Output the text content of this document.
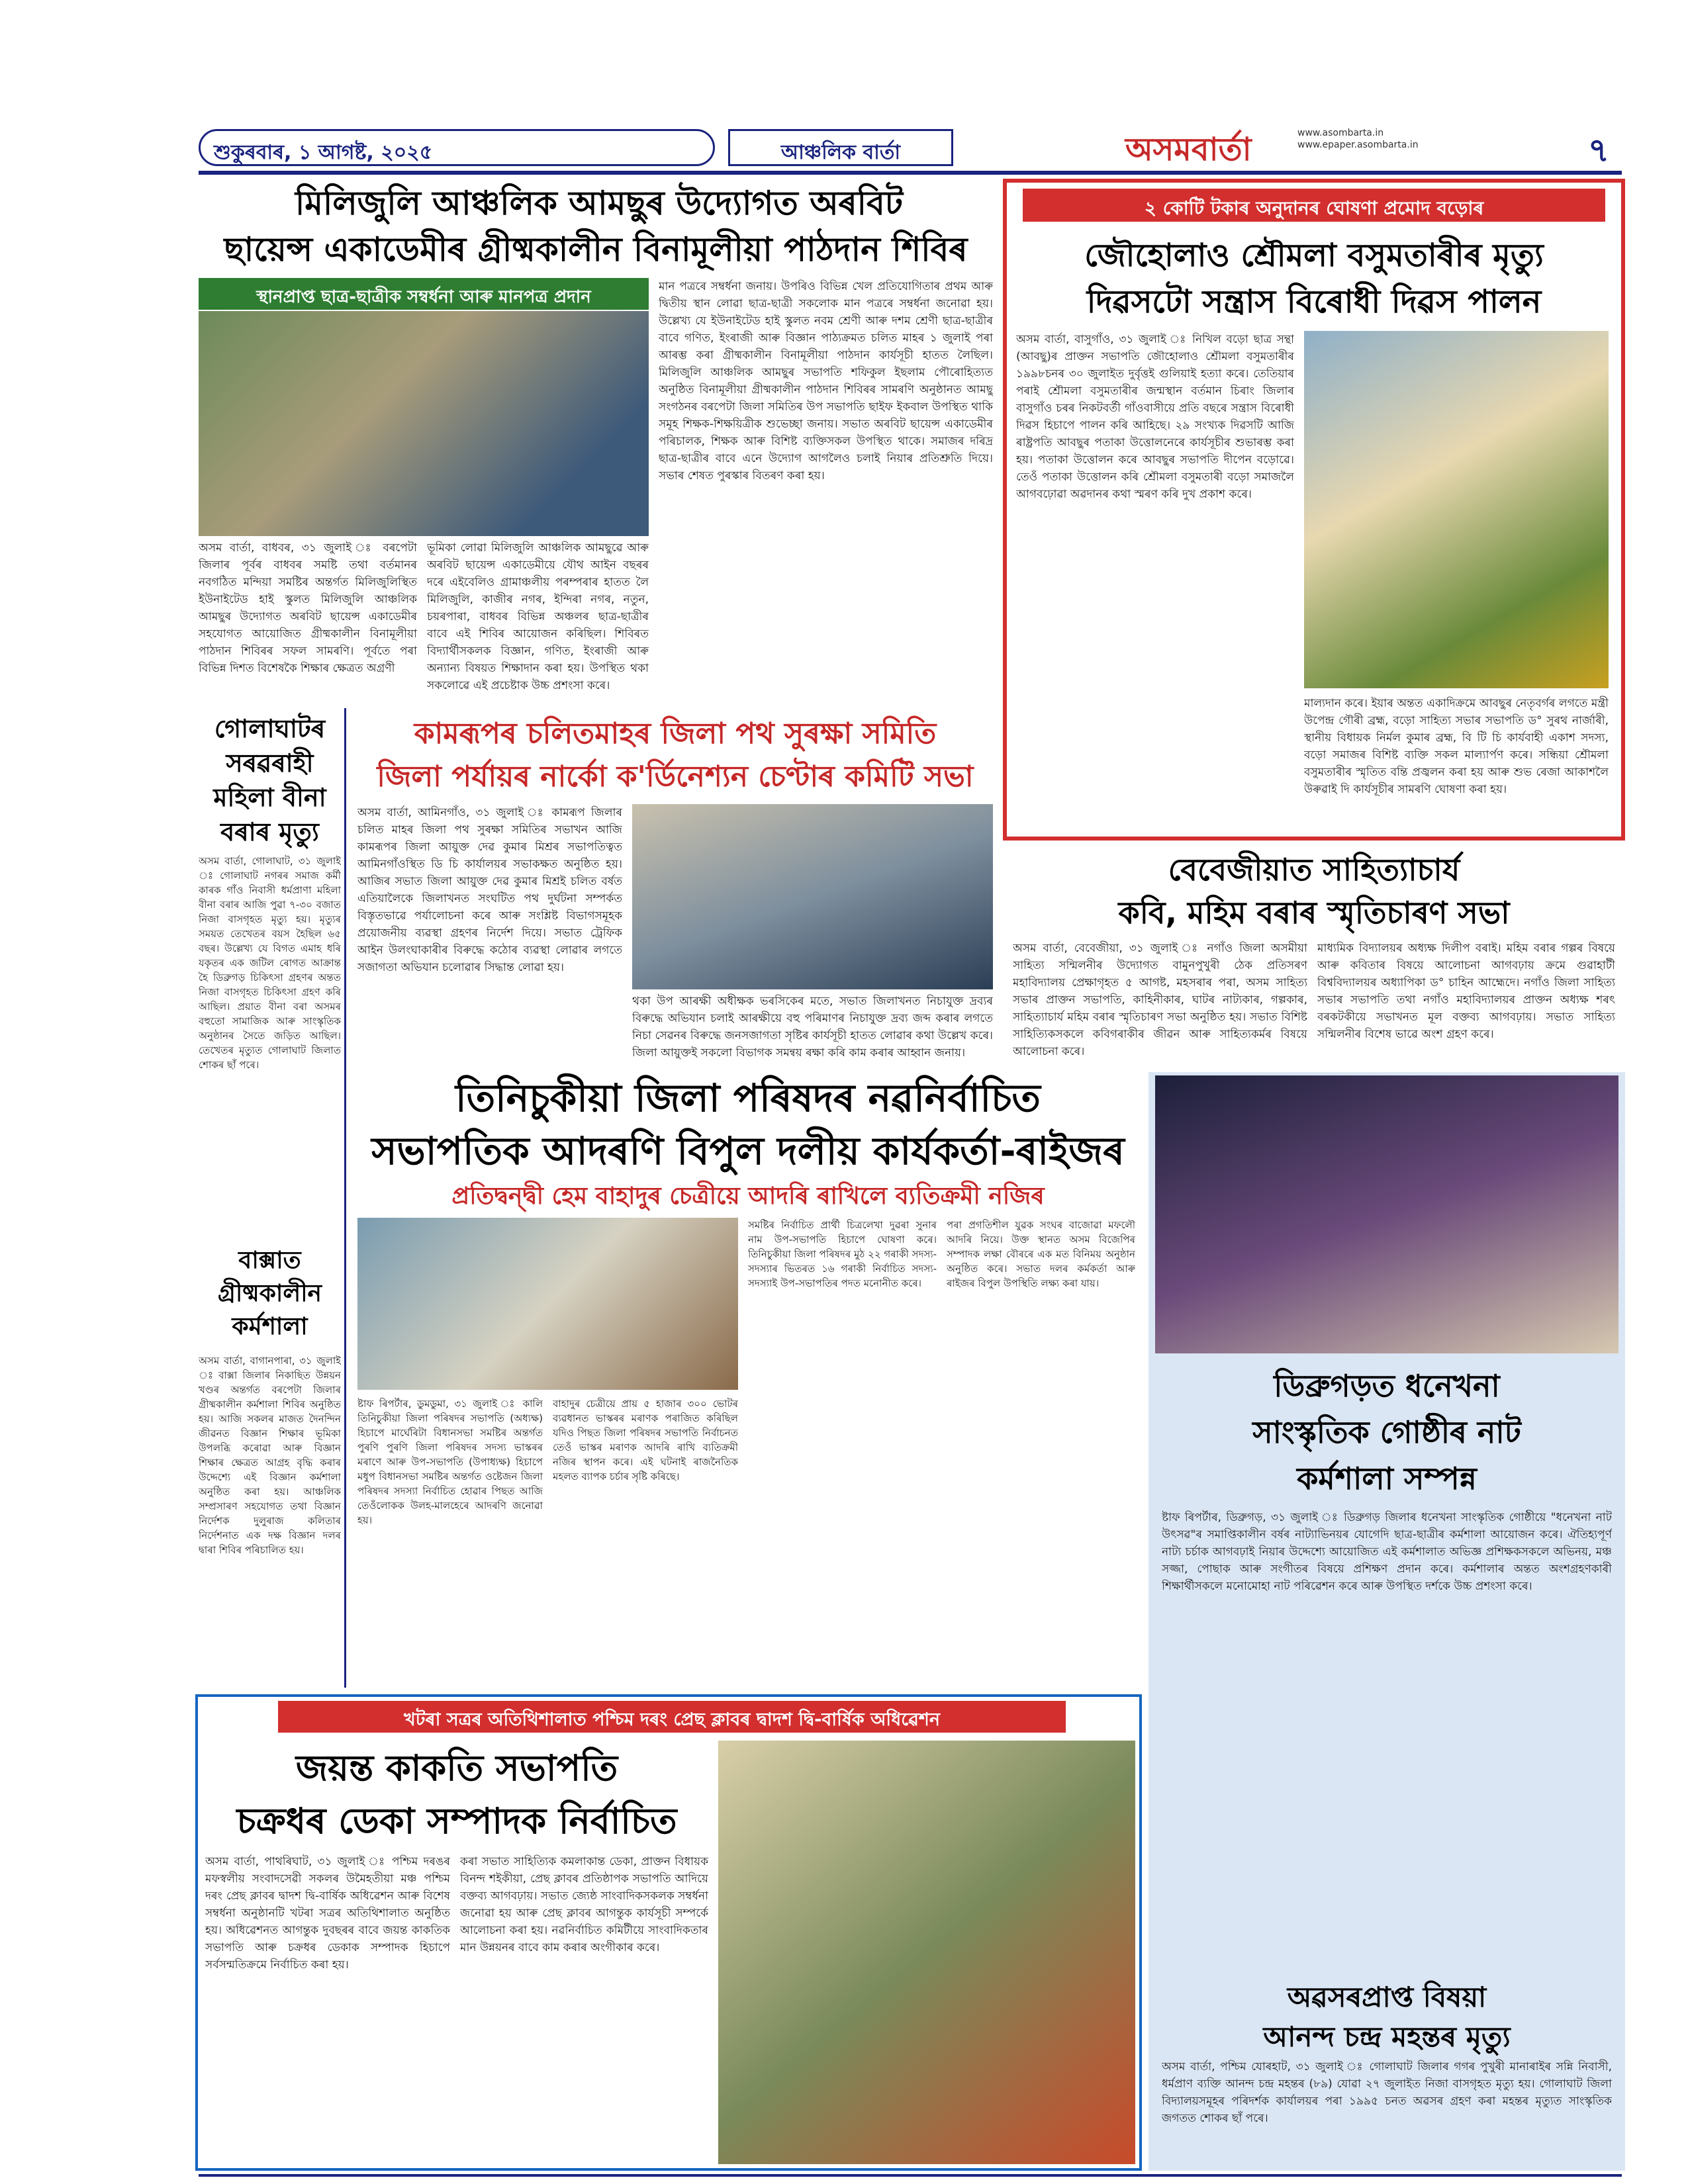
শুকুৰবাৰ, ১ আগষ্ট, ২০২৫	আঞ্চলিক বাৰ্তা	অসমবাৰ্তা	www.asombarta.in
www.epaper.asombarta.in	৭
মিলিজুলি আঞ্চলিক আমছুৰ উদ্যোগত অৰবিট
ছায়েন্স একাডেমীৰ গ্ৰীষ্মকালীন বিনামূলীয়া পাঠদান শিবিৰ
স্থানপ্ৰাপ্ত ছাত্ৰ-ছাত্ৰীক সম্বৰ্ধনা আৰু মানপত্ৰ প্ৰদান
অসম বাৰ্তা, বাধবৰ, ৩১ জুলাই ঃ বৰপেটা জিলাৰ পূৰ্বৰ বাধবৰ সমষ্টি তথা বৰ্তমানৰ নবগঠিত মন্দিয়া সমষ্টিৰ অন্তৰ্গত মিলিজুলিস্থিত ইউনাইটেড হাই স্কুলত মিলিজুলি আঞ্চলিক আমছুৰ উদ্যোগত অৰবিট ছায়েন্স একাডেমীৰ সহযোগত আয়োজিত গ্ৰীষ্মকালীন বিনামূলীয়া পাঠদান শিবিৰৰ সফল সামৰণি। পূৰ্বতে পৰা বিভিন্ন দিশত বিশেষকৈ শিক্ষাৰ ক্ষেত্ৰত অগ্ৰণী
ভূমিকা লোৱা মিলিজুলি আঞ্চলিক আমছুৱে আৰু অৰবিট ছায়েন্স একাডেমীয়ে যৌথ আইন বছৰৰ দৰে এইবেলিও গ্ৰামাঞ্চলীয় পৰম্পৰাৰ হাতত লৈ মিলিজুলি, কাজীৰ নগৰ, ইন্দিৰা নগৰ, নতুন, চয়ৰপাৰা, বাধবৰ বিভিন্ন অঞ্চলৰ ছাত্ৰ-ছাত্ৰীৰ বাবে এই শিবিৰ আয়োজন কৰিছিল। শিবিৰত বিদ্যাৰ্থীসকলক বিজ্ঞান, গণিত, ইংৰাজী আৰু অন্যান্য বিষয়ত শিক্ষাদান কৰা হয়। উপস্থিত থকা সকলোৱে এই প্ৰচেষ্টাক উচ্চ প্ৰশংসা কৰে।
মান পত্ৰৰে সম্বৰ্ধনা জনায়। উপৰিও বিভিন্ন খেল প্ৰতিযোগিতাৰ প্ৰথম আৰু দ্বিতীয় স্থান লোৱা ছাত্ৰ-ছাত্ৰী সকলোক মান পত্ৰৰে সম্বৰ্ধনা জনোৱা হয়। উল্লেখ্য যে ইউনাইটেড হাই স্কুলত নবম শ্ৰেণী আৰু দশম শ্ৰেণী ছাত্ৰ-ছাত্ৰীৰ বাবে গণিত, ইংৰাজী আৰু বিজ্ঞান পাঠ্যক্ৰমত চলিত মাহৰ ১ জুলাই পৰা আৰম্ভ কৰা গ্ৰীষ্মকালীন বিনামূলীয়া পাঠদান কাৰ্যসূচী হাতত লৈছিল। মিলিজুলি আঞ্চলিক আমছুৰ সভাপতি শফিকুল ইছলাম পৌৰোহিত্যত অনুষ্ঠিত বিনামূলীয়া গ্ৰীষ্মকালীন পাঠদান শিবিৰৰ সামৰণি অনুষ্ঠানত আমছু সংগঠনৰ বৰপেটা জিলা সমিতিৰ উপ সভাপতি ছাইফ ইকবাল উপস্থিত থাকি সমূহ শিক্ষক-শিক্ষয়িত্ৰীক শুভেচ্ছা জনায়। সভাত অৰবিট ছায়েন্স একাডেমীৰ পৰিচালক, শিক্ষক আৰু বিশিষ্ট ব্যক্তিসকল উপস্থিত থাকে। সমাজৰ দৰিদ্ৰ ছাত্ৰ-ছাত্ৰীৰ বাবে এনে উদ্যোগ আগলৈও চলাই নিয়াৰ প্ৰতিশ্ৰুতি দিয়ে। সভাৰ শেষত পুৰস্কাৰ বিতৰণ কৰা হয়।
২ কোটি টকাৰ অনুদানৰ ঘোষণা প্ৰমোদ বড়োৰ
জৌহোলাও শ্ৰৌমলা বসুমতাৰীৰ মৃত্যু
দিৱসটো সন্ত্ৰাস বিৰোধী দিৱস পালন
অসম বাৰ্তা, বাসুগাঁও, ৩১ জুলাই ঃ নিখিল বড়ো ছাত্ৰ সন্থা (আবছু)ৰ প্ৰাক্তন সভাপতি জৌহোলাও শ্ৰৌমলা বসুমতাৰীৰ ১৯৯৮চনৰ ৩০ জুলাইত দুৰ্বৃত্তই গুলিয়াই হত্যা কৰে। তেতিয়াৰ পৰাই শ্ৰৌমলা বসুমতাৰীৰ জন্মস্থান বৰ্তমান চিৰাং জিলাৰ বাসুগাঁও চৰৰ নিকটবৰ্তী গাঁওবাসীয়ে প্ৰতি বছৰে সন্ত্ৰাস বিৰোধী দিৱস হিচাপে পালন কৰি আহিছে। ২৯ সংখ্যক দিৱসটি আজি ৰাষ্ট্ৰপতি আবছুৰ পতাকা উত্তোলনেৰে কাৰ্যসূচীৰ শুভাৰম্ভ কৰা হয়। পতাকা উত্তোলন কৰে আবছুৰ সভাপতি দীপেন বড়োৱে। তেওঁ পতাকা উত্তোলন কৰি শ্ৰৌমলা বসুমতাৰী বড়ো সমাজলৈ আগবঢ়োৱা অৱদানৰ কথা স্মৰণ কৰি দুখ প্ৰকাশ কৰে।
মাল্যদান কৰে। ইয়াৰ অন্তত একাদিক্ৰমে আবছুৰ নেতৃবৰ্গৰ লগতে মন্ত্ৰী উপেন্দ্ৰ গৌৰী ব্ৰহ্ম, বড়ো সাহিত্য সভাৰ সভাপতি ড° সুৰথ নাৰ্জাৰী, স্থানীয় বিধায়ক নিৰ্মল কুমাৰ ব্ৰহ্ম, বি টি চি কাৰ্যবাহী একাশ সদস্য, বড়ো সমাজৰ বিশিষ্ট ব্যক্তি সকল মাল্যাৰ্পণ কৰে। সন্ধিয়া শ্ৰৌমলা বসুমতাৰীৰ স্মৃতিত বন্তি প্ৰজ্বলন কৰা হয় আৰু শুভ ৰেজা আকাশলৈ উৰুৱাই দি কাৰ্যসূচীৰ সামৰণি ঘোষণা কৰা হয়।
গোলাঘাটৰ সৰৱৰাহী মহিলা বীনা বৰাৰ মৃত্যু
অসম বাৰ্তা, গোলাঘাট, ৩১ জুলাই ঃ গোলাঘাট নগৰৰ সমাজ কৰ্মী কাৰক গাঁও নিবাসী ধৰ্মপ্ৰাণা মহিলা বীনা বৰাৰ আজি পুৱা ৭-৩০ বজাত নিজা বাসগৃহত মৃত্যু হয়। মৃত্যুৰ সময়ত তেখেতৰ বয়স হৈছিল ৬৫ বছৰ। উল্লেখ্য যে বিগত এমাহ ধৰি যকৃতৰ এক জটিল ৰোগত আক্ৰান্ত হৈ ডিব্ৰুগড় চিকিৎসা গ্ৰহণৰ অন্তত নিজা বাসগৃহত চিকিৎসা গ্ৰহণ কৰি আছিল। প্ৰয়াত বীনা বৰা অসমৰ বহুতো সামাজিক আৰু সাংস্কৃতিক অনুষ্ঠানৰ সৈতে জড়িত আছিল। তেখেতৰ মৃত্যুত গোলাঘাট জিলাত শোকৰ ছাঁ পৰে।
বাক্সাত গ্ৰীষ্মকালীন কৰ্মশালা
অসম বাৰ্তা, বাগানপাৰা, ৩১ জুলাই ঃ বাক্সা জিলাৰ নিকাছিত উন্নয়ন খণ্ডৰ অন্তৰ্গত বৰপেটা জিলাৰ গ্ৰীষ্মকালীন কৰ্মশালা শিবিৰ অনুষ্ঠিত হয়। আজি সকলৰ মাজত দৈনন্দিন জীৱনত বিজ্ঞান শিক্ষাৰ ভূমিকা উপলব্ধি কৰোৱা আৰু বিজ্ঞান শিক্ষাৰ ক্ষেত্ৰত আগ্ৰহ বৃদ্ধি কৰাৰ উদ্দেশ্যে এই বিজ্ঞান কৰ্মশালা অনুষ্ঠিত কৰা হয়। আঞ্চলিক সম্প্ৰসাৰণ সহযোগত তথা বিজ্ঞান নিৰ্দেশক দুলুৰাজ কলিতাৰ নিৰ্দেশনাত এক দক্ষ বিজ্ঞান দলৰ দ্বাৰা শিবিৰ পৰিচালিত হয়।
কামৰূপৰ চলিতমাহৰ জিলা পথ সুৰক্ষা সমিতি
জিলা পৰ্যায়ৰ নাৰ্কো ক'ৰ্ডিনেশ্যন চেণ্টাৰ কমিটি সভা
অসম বাৰ্তা, আমিনগাঁও, ৩১ জুলাই ঃ কামৰূপ জিলাৰ চলিত মাহৰ জিলা পথ সুৰক্ষা সমিতিৰ সভাখন আজি কামৰূপৰ জিলা আয়ুক্ত দেৱ কুমাৰ মিশ্ৰৰ সভাপতিত্বত আমিনগাঁওস্থিত ডি চি কাৰ্যালয়ৰ সভাকক্ষত অনুষ্ঠিত হয়। আজিৰ সভাত জিলা আয়ুক্ত দেৱ কুমাৰ মিশ্ৰই চলিত বৰ্ষত এতিয়ালৈকে জিলাখনত সংঘটিত পথ দুৰ্ঘটনা সম্পৰ্কত বিস্তৃতভাৱে পৰ্যালোচনা কৰে আৰু সংশ্লিষ্ট বিভাগসমূহক প্ৰয়োজনীয় ব্যৱস্থা গ্ৰহণৰ নিৰ্দেশ দিয়ে। সভাত ট্ৰেফিক আইন উলংঘাকাৰীৰ বিৰুদ্ধে কঠোৰ ব্যৱস্থা লোৱাৰ লগতে সজাগতা অভিযান চলোৱাৰ সিদ্ধান্ত লোৱা হয়।
থকা উপ আৰক্ষী অধীক্ষক ভৰসিকেৰ মতে, সভাত জিলাখনত নিচাযুক্ত দ্ৰব্যৰ বিৰুদ্ধে অভিযান চলাই আৰক্ষীয়ে বহু পৰিমাণৰ নিচাযুক্ত দ্ৰব্য জব্দ কৰাৰ লগতে নিচা সেৱনৰ বিৰুদ্ধে জনসজাগতা সৃষ্টিৰ কাৰ্যসূচী হাতত লোৱাৰ কথা উল্লেখ কৰে। জিলা আয়ুক্তই সকলো বিভাগক সমন্বয় ৰক্ষা কৰি কাম কৰাৰ আহ্বান জনায়।
বেবেজীয়াত সাহিত্যাচাৰ্য
কবি, মহিম বৰাৰ স্মৃতিচাৰণ সভা
অসম বাৰ্তা, বেবেজীয়া, ৩১ জুলাই ঃ নগাঁও জিলা অসমীয়া সাহিত্য সন্মিলনীৰ উদ্যোগত বামুনপুখুৰী ঠেক প্ৰতিসৰণ মহাবিদ্যালয় প্ৰেক্ষাগৃহত ৫ আগষ্ট, মহসৰাৰ পৰা, অসম সাহিত্য সভাৰ প্ৰাক্তন সভাপতি, কাহিনীকাৰ, ঘাটৰ নাট্যকাৰ, গল্পকাৰ, সাহিত্যাচাৰ্য মহিম বৰাৰ স্মৃতিচাৰণ সভা অনুষ্ঠিত হয়। সভাত বিশিষ্ট সাহিত্যিকসকলে কবিগৰাকীৰ জীৱন আৰু সাহিত্যকৰ্মৰ বিষয়ে আলোচনা কৰে।
মাধ্যমিক বিদ্যালয়ৰ অধ্যক্ষ দিলীপ বৰাই। মহিম বৰাৰ গল্পৰ বিষয়ে আৰু কবিতাৰ বিষয়ে আলোচনা আগবঢ়ায় ক্ৰমে গুৱাহাটী বিশ্ববিদ্যালয়ৰ অধ্যাপিকা ড° চাহিন আহ্মেদে। নগাঁও জিলা সাহিত্য সভাৰ সভাপতি তথা নগাঁও মহাবিদ্যালয়ৰ প্ৰাক্তন অধ্যক্ষ শৰৎ বৰকটকীয়ে সভাখনত মূল বক্তব্য আগবঢ়ায়। সভাত সাহিত্য সন্মিলনীৰ বিশেষ ভাৱে অংশ গ্ৰহণ কৰে।
তিনিচুকীয়া জিলা পৰিষদৰ নৱনিৰ্বাচিত
সভাপতিক আদৰণি বিপুল দলীয় কাৰ্যকৰ্তা-ৰাইজৰ
প্ৰতিদ্বন্দ্বী হেম বাহাদুৰ চেত্ৰীয়ে আদৰি ৰাখিলে ব্যতিক্ৰমী নজিৰ
ষ্টাফ ৰিপৰ্টাৰ, ডুমডুমা, ৩১ জুলাই ঃ কালি তিনিচুকীয়া জিলা পৰিষদৰ সভাপতি (অধ্যক্ষ) হিচাপে মাৰ্ঘেৰিটা বিধানসভা সমষ্টিৰ অন্তৰ্গত পুৰণি পুৰণি জিলা পৰিষদৰ সদস্য ভাস্কৰৰ মৰাণে আৰু উপ-সভাপতি (উপাধ্যক্ষ) হিচাপে মধুপ বিধানসভা সমষ্টিৰ অন্তৰ্গত ওষ্টেজন জিলা পৰিষদৰ সদস্যা নিৰ্বাচিত হোৱাৰ পিছত আজি তেওঁলোকক উলহ-মালহেৰে আদৰণি জনোৱা হয়।
বাহাদুৰ চেত্ৰীয়ে প্ৰায় ৫ হাজাৰ ৩০০ ভোটৰ ব্যৱধানত ভাস্কৰৰ মৰাণক পৰাজিত কৰিছিল যদিও পিছত জিলা পৰিষদৰ সভাপতি নিৰ্বাচনত তেওঁ ভাস্কৰ মৰাণক আদৰি ৰাখি ব্যতিক্ৰমী নজিৰ স্থাপন কৰে। এই ঘটনাই ৰাজনৈতিক মহলত ব্যাপক চৰ্চাৰ সৃষ্টি কৰিছে।
সমষ্টিৰ নিৰ্বাচিত প্ৰাৰ্থী চিত্ৰলেখা দুৱৰা সুনাৰ নাম উপ-সভাপতি হিচাপে ঘোষণা কৰে। তিনিচুকীয়া জিলা পৰিষদৰ মুঠ ২২ গৰাকী সদস্য-সদস্যাৰ ভিতৰত ১৬ গৰাকী নিৰ্বাচিত সদস্য-সদস্যাই উপ-সভাপতিৰ পদত মনোনীত কৰে।
পৰা প্ৰগতিশীল যুৱক সংঘৰ বাজোৱা মফলৌ আদৰি নিয়ে। উক্ত স্থানত অসম বিজেপিৰ সম্পাদক লক্ষা বৌৰৰে এক মত বিনিময় অনুষ্ঠান অনুষ্ঠিত কৰে। সভাত দলৰ কৰ্মকৰ্তা আৰু ৰাইজৰ বিপুল উপস্থিতি লক্ষ্য কৰা যায়।
ডিব্ৰুগড়ত ধনেখনা
সাংস্কৃতিক গোষ্ঠীৰ নাট
কৰ্মশালা সম্পন্ন
ষ্টাফ ৰিপৰ্টাৰ, ডিব্ৰুগড়, ৩১ জুলাই ঃ ডিব্ৰুগড় জিলাৰ ধনেখনা সাংস্কৃতিক গোষ্ঠীয়ে "ধনেখনা নাট উৎসৱ"ৰ সমাপ্তিকালীন বৰ্ষৰ নাট্যাভিনয়ৰ যোগেদি ছাত্ৰ-ছাত্ৰীৰ কৰ্মশালা আয়োজন কৰে। ঐতিহ্যপূৰ্ণ নাট্য চৰ্চাক আগবঢ়াই নিয়াৰ উদ্দেশ্যে আয়োজিত এই কৰ্মশালাত অভিজ্ঞ প্ৰশিক্ষকসকলে অভিনয়, মঞ্চ সজ্জা, পোছাক আৰু সংগীতৰ বিষয়ে প্ৰশিক্ষণ প্ৰদান কৰে। কৰ্মশালাৰ অন্তত অংশগ্ৰহণকাৰী শিক্ষাৰ্থীসকলে মনোমোহা নাট পৰিৱেশন কৰে আৰু উপস্থিত দৰ্শকে উচ্চ প্ৰশংসা কৰে।
অৱসৰপ্ৰাপ্ত বিষয়া
আনন্দ চন্দ্ৰ মহন্তৰ মৃত্যু
অসম বাৰ্তা, পশ্চিম যোৰহাট, ৩১ জুলাই ঃ গোলাঘাট জিলাৰ গগৰ পুখুৰী মানাৰাইৰ সন্নি নিবাসী, ধৰ্মপ্ৰাণ ব্যক্তি আনন্দ চন্দ্ৰ মহন্তৰ (৮৯) যোৱা ২৭ জুলাইত নিজা বাসগৃহত মৃত্যু হয়। গোলাঘাট জিলা বিদ্যালয়সমূহৰ পৰিদৰ্শক কাৰ্যালয়ৰ পৰা ১৯৯৫ চনত অৱসৰ গ্ৰহণ কৰা মহন্তৰ মৃত্যুত সাংস্কৃতিক জগতত শোকৰ ছাঁ পৰে।
খটৰা সত্ৰৰ অতিথিশালাত পশ্চিম দৰং প্ৰেছ ক্লাবৰ দ্বাদশ দ্বি-বাৰ্ষিক অধিৱেশন
জয়ন্ত কাকতি সভাপতি
চক্ৰধৰ ডেকা সম্পাদক নিৰ্বাচিত
অসম বাৰ্তা, পাথৰিঘাট, ৩১ জুলাই ঃ পশ্চিম দৰঙৰ মফস্বলীয় সংবাদসেৱী সকলৰ উমৈহতীয়া মঞ্চ পশ্চিম দৰং প্ৰেছ ক্লাবৰ দ্বাদশ দ্বি-বাৰ্ষিক অধিৱেশন আৰু বিশেষ সম্বৰ্ধনা অনুষ্ঠানটি খটৰা সত্ৰৰ অতিথিশালাত অনুষ্ঠিত হয়। অধিৱেশনত আগন্তুক দুবছৰৰ বাবে জয়ন্ত কাকতিক সভাপতি আৰু চক্ৰধৰ ডেকাক সম্পাদক হিচাপে সৰ্বসন্মতিক্ৰমে নিৰ্বাচিত কৰা হয়।
কৰা সভাত সাহিত্যিক কমলাকান্ত ডেকা, প্ৰাক্তন বিধায়ক বিনন্দ শইকীয়া, প্ৰেছ ক্লাবৰ প্ৰতিষ্ঠাপক সভাপতি আদিয়ে বক্তব্য আগবঢ়ায়। সভাত জ্যেষ্ঠ সাংবাদিকসকলক সম্বৰ্ধনা জনোৱা হয় আৰু প্ৰেছ ক্লাবৰ আগন্তুক কাৰ্যসূচী সম্পৰ্কে আলোচনা কৰা হয়। নৱনিৰ্বাচিত কমিটীয়ে সাংবাদিকতাৰ মান উন্নয়নৰ বাবে কাম কৰাৰ অংগীকাৰ কৰে।
